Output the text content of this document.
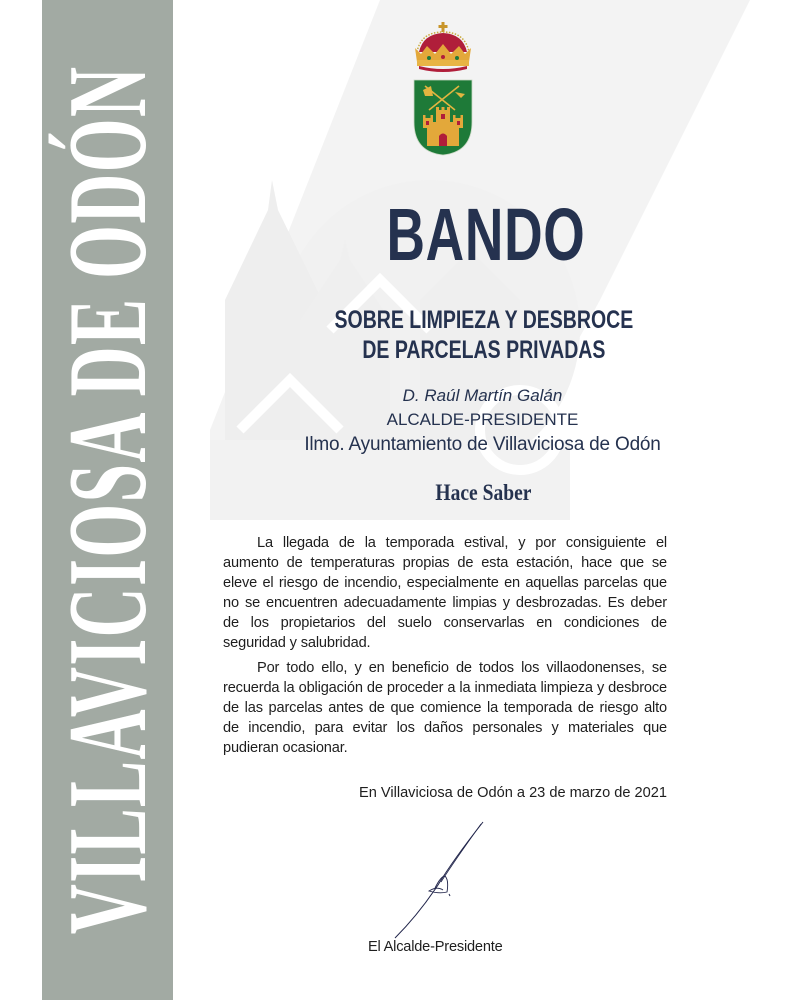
VILLAVICIOSA DE ODÓN	BANDO
SOBRE LIMPIEZA Y DESBROCE
DE PARCELAS PRIVADAS
D. Raúl Martín Galán
ALCALDE-PRESIDENTE
Ilmo. Ayuntamiento de Villaviciosa de Odón
Hace Saber

La llegada de la temporada estival, y por consiguiente el aumento de temperaturas propias de esta estación, hace que se eleve el riesgo de incendio, especialmente en aquellas parcelas que no se encuentren adecuadamente limpias y desbrozadas. Es deber de los propietarios del suelo conservarlas en condiciones de seguridad y salubridad.

Por todo ello, y en beneficio de todos los villaodonenses, se recuerda la obligación de proceder a la inmediata limpieza y desbroce de las parcelas antes de que comience la temporada de riesgo alto de incendio, para evitar los daños personales y materiales que pudieran ocasionar.

En Villaviciosa de Odón a 23 de marzo de 2021
El Alcalde-Presidente
